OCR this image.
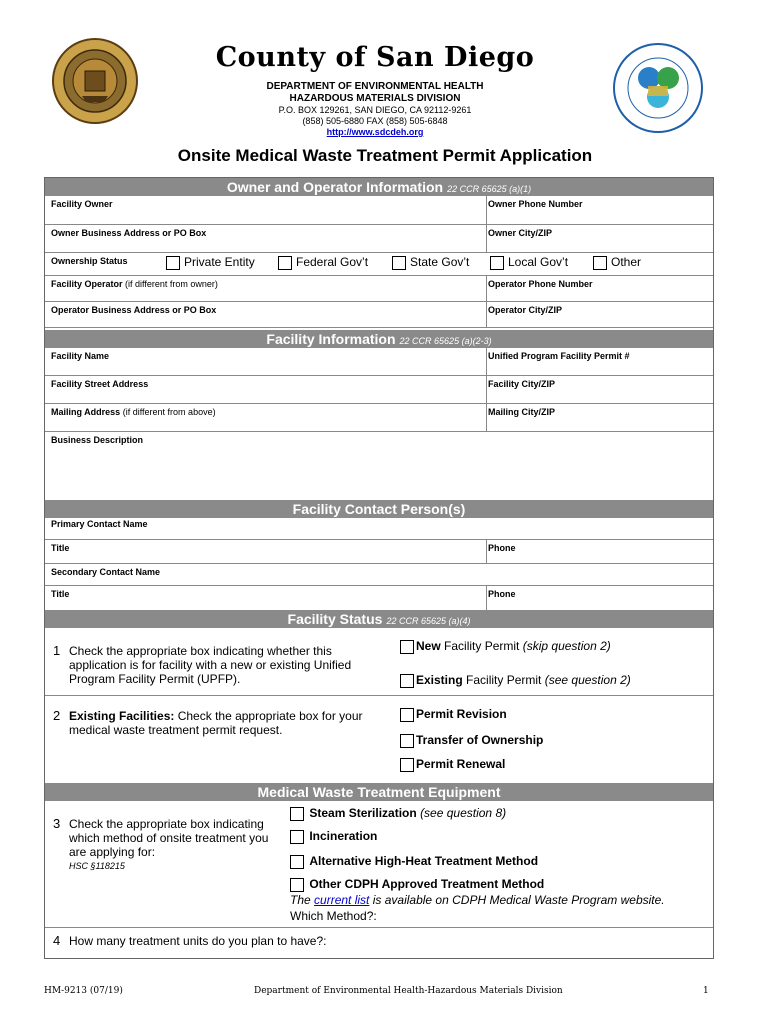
County of San Diego
DEPARTMENT OF ENVIRONMENTAL HEALTH
HAZARDOUS MATERIALS DIVISION
P.O. BOX 129261, SAN DIEGO, CA 92112-9261
(858) 505-6880 FAX (858) 505-6848
http://www.sdcdeh.org
Onsite Medical Waste Treatment Permit Application
Owner and Operator Information 22 CCR 65625 (a)(1)
Facility Owner	Owner Phone Number
Owner Business Address or PO Box	Owner City/ZIP
Ownership Status	Private Entity	Federal Gov’t	State Gov’t	Local Gov’t	Other
Facility Operator (if different from owner)	Operator Phone Number
Operator Business Address or PO Box	Operator City/ZIP
Facility Information 22 CCR 65625 (a)(2-3)
Facility Name	Unified Program Facility Permit #
Facility Street Address	Facility City/ZIP
Mailing Address (if different from above)	Mailing City/ZIP
Business Description
Facility Contact Person(s)
Primary Contact Name
Title	Phone
Secondary Contact Name
Title	Phone
Facility Status 22 CCR 65625 (a)(4)
1 Check the appropriate box indicating whether this application is for facility with a new or existing Unified Program Facility Permit (UPFP).
New Facility Permit (skip question 2)
Existing Facility Permit (see question 2)
2 Existing Facilities: Check the appropriate box for your medical waste treatment permit request.
Permit Revision
Transfer of Ownership
Permit Renewal
Medical Waste Treatment Equipment
3 Check the appropriate box indicating which method of onsite treatment you are applying for:
HSC §118215
Steam Sterilization (see question 8)
Incineration
Alternative High-Heat Treatment Method
Other CDPH Approved Treatment Method
The current list is available on CDPH Medical Waste Program website.
Which Method?:
4 How many treatment units do you plan to have?:
HM-9213 (07/19)	Department of Environmental Health-Hazardous Materials Division	1
